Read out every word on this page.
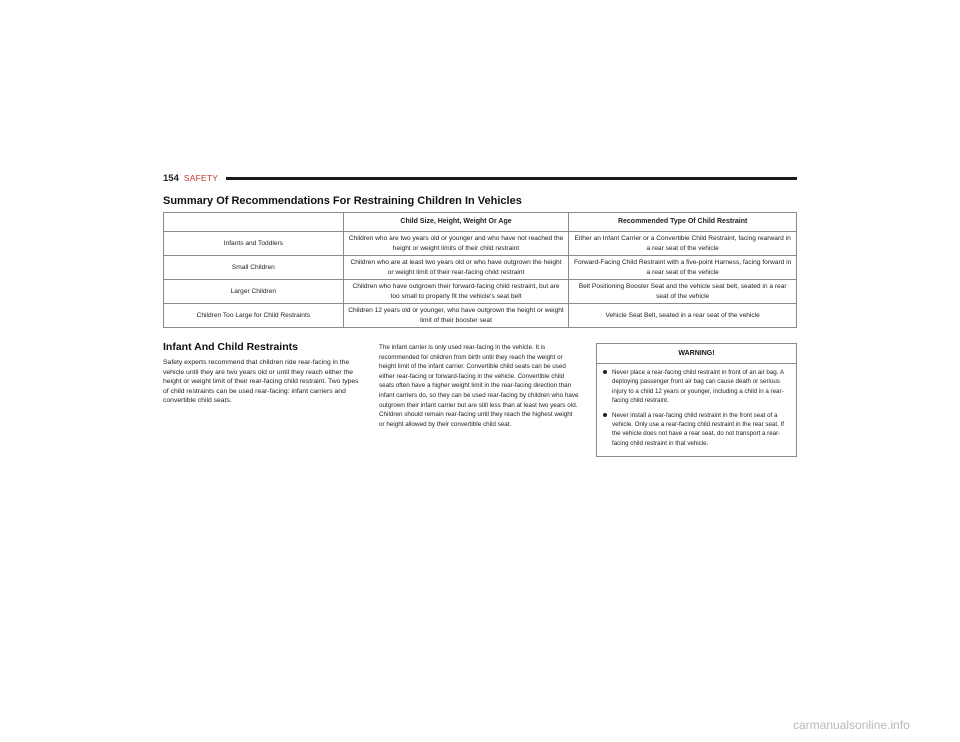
154 SAFETY
Summary Of Recommendations For Restraining Children In Vehicles
	Child Size, Height, Weight Or Age	Recommended Type Of Child Restraint
Infants and Toddlers	Children who are two years old or younger and who have not reached the height or weight limits of their child restraint	Either an Infant Carrier or a Convertible Child Restraint, facing rearward in a rear seat of the vehicle
Small Children	Children who are at least two years old or who have outgrown the height or weight limit of their rear-facing child restraint	Forward-Facing Child Restraint with a five-point Harness, facing forward in a rear seat of the vehicle
Larger Children	Children who have outgrown their forward-facing child restraint, but are too small to properly fit the vehicle's seat belt	Belt Positioning Booster Seat and the vehicle seat belt, seated in a rear seat of the vehicle
Children Too Large for Child Restraints	Children 12 years old or younger, who have outgrown the height or weight limit of their booster seat	Vehicle Seat Belt, seated in a rear seat of the vehicle
Infant And Child Restraints

Safety experts recommend that children ride rear-facing in the vehicle until they are two years old or until they reach either the height or weight limit of their rear-facing child restraint. Two types of child restraints can be used rear-facing: infant carriers and convertible child seats.

The infant carrier is only used rear-facing in the vehicle. It is recommended for children from birth until they reach the weight or height limit of the infant carrier. Convertible child seats can be used either rear-facing or forward-facing in the vehicle. Convertible child seats often have a higher weight limit in the rear-facing direction than infant carriers do, so they can be used rear-facing by children who have outgrown their infant carrier but are still less than at least two years old. Children should remain rear-facing until they reach the highest weight or height allowed by their convertible child seat.

WARNING!
Never place a rear-facing child restraint in front of an air bag. A deploying passenger front air bag can cause death or serious injury to a child 12 years or younger, including a child in a rear-facing child restraint.
Never install a rear-facing child restraint in the front seat of a vehicle. Only use a rear-facing child restraint in the rear seat. If the vehicle does not have a rear seat, do not transport a rear-facing child restraint in that vehicle.
carmanualsonline.info
